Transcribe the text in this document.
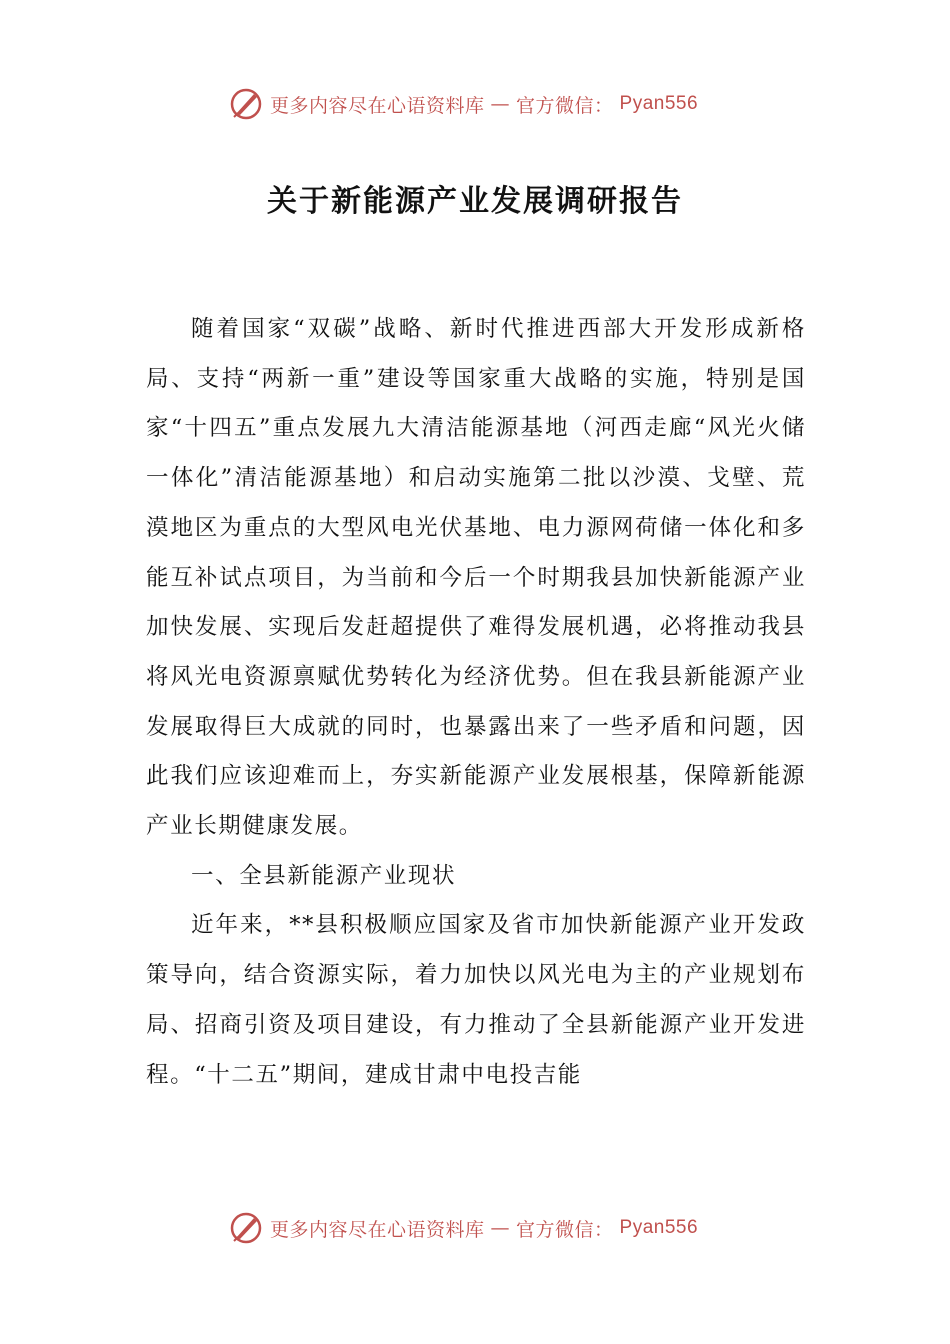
更多内容尽在心语资料库 — 官方微信： Pyan556
关于新能源产业发展调研报告

随着国家“双碳”战略、新时代推进西部大开发形成新格局、支持“两新一重”建设等国家重大战略的实施，特别是国家“十四五”重点发展九大清洁能源基地（河西走廊“风光火储一体化”清洁能源基地）和启动实施第二批以沙漠、戈壁、荒漠地区为重点的大型风电光伏基地、电力源网荷储一体化和多能互补试点项目，为当前和今后一个时期我县加快新能源产业加快发展、实现后发赶超提供了难得发展机遇，必将推动我县将风光电资源禀赋优势转化为经济优势。但在我县新能源产业发展取得巨大成就的同时，也暴露出来了一些矛盾和问题，因此我们应该迎难而上，夯实新能源产业发展根基，保障新能源产业长期健康发展。

一、全县新能源产业现状

近年来，**县积极顺应国家及省市加快新能源产业开发政策导向，结合资源实际，着力加快以风光电为主的产业规划布局、招商引资及项目建设，有力推动了全县新能源产业开发进程。“十二五”期间，建成甘肃中电投吉能

更多内容尽在心语资料库 — 官方微信： Pyan556
